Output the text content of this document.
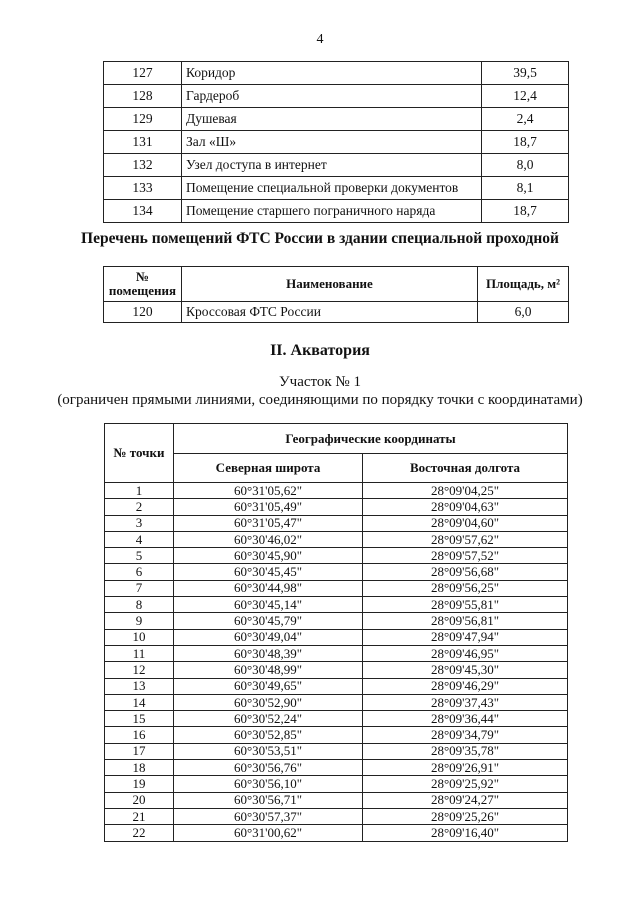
4
127	Коридор	39,5
128	Гардероб	12,4
129	Душевая	2,4
131	Зал «Ш»	18,7
132	Узел доступа в интернет	8,0
133	Помещение специальной проверки документов	8,1
134	Помещение старшего пограничного наряда	18,7
Перечень помещений ФТС России в здании специальной проходной
№
помещения	Наименование	Площадь, м²
120	Кроссовая ФТС России	6,0
II. Акватория
Участок № 1
(ограничен прямыми линиями, соединяющими по порядку точки с координатами)
№ точки	Географические координаты	
	Северная широта	Восточная долгота
1	60°31'05,62"	28°09'04,25"
2	60°31'05,49"	28°09'04,63"
3	60°31'05,47"	28°09'04,60"
4	60°30'46,02"	28°09'57,62"
5	60°30'45,90"	28°09'57,52"
6	60°30'45,45"	28°09'56,68"
7	60°30'44,98"	28°09'56,25"
8	60°30'45,14"	28°09'55,81"
9	60°30'45,79"	28°09'56,81"
10	60°30'49,04"	28°09'47,94"
11	60°30'48,39"	28°09'46,95"
12	60°30'48,99"	28°09'45,30"
13	60°30'49,65"	28°09'46,29"
14	60°30'52,90"	28°09'37,43"
15	60°30'52,24"	28°09'36,44"
16	60°30'52,85"	28°09'34,79"
17	60°30'53,51"	28°09'35,78"
18	60°30'56,76"	28°09'26,91"
19	60°30'56,10"	28°09'25,92"
20	60°30'56,71"	28°09'24,27"
21	60°30'57,37"	28°09'25,26"
22	60°31'00,62"	28°09'16,40"
